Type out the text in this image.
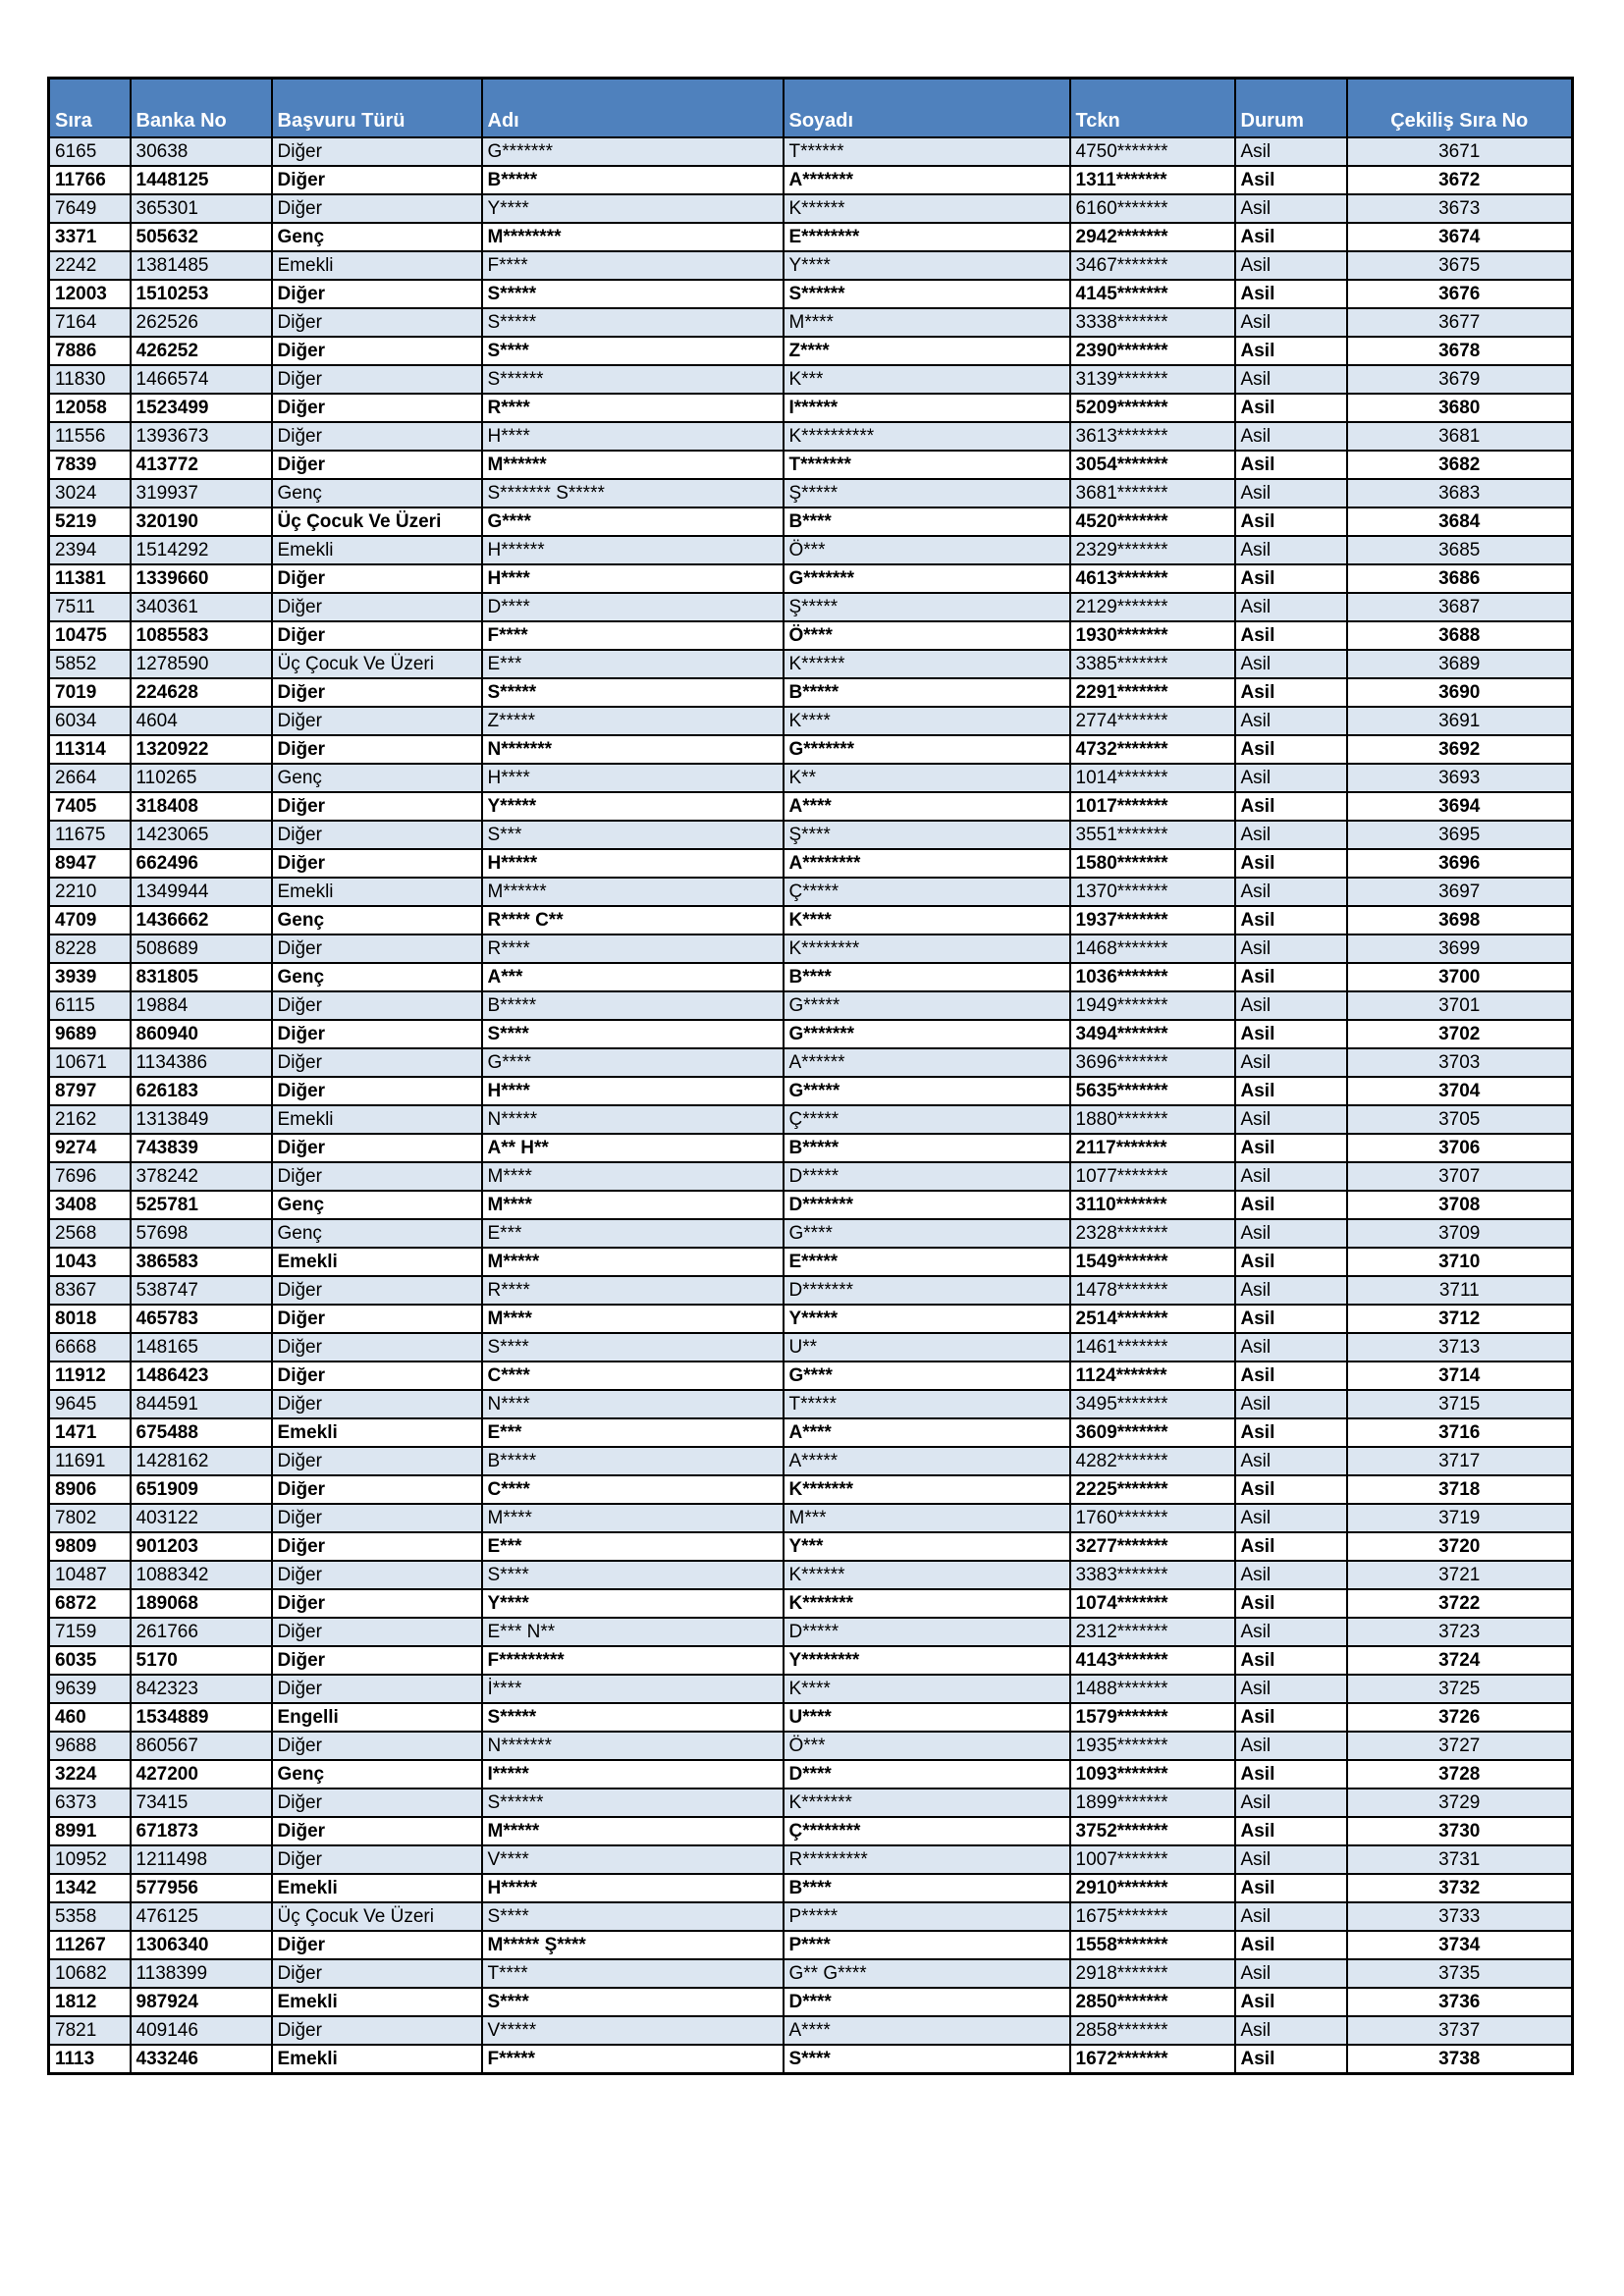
Sıra	Banka No	Başvuru Türü	Adı	Soyadı	Tckn	Durum	Çekiliş Sıra No
6165	30638	Diğer	G*******	T******	4750*******	Asil	3671
11766	1448125	Diğer	B*****	A*******	1311*******	Asil	3672
7649	365301	Diğer	Y****	K******	6160*******	Asil	3673
3371	505632	Genç	M********	E********	2942*******	Asil	3674
2242	1381485	Emekli	F****	Y****	3467*******	Asil	3675
12003	1510253	Diğer	S*****	S******	4145*******	Asil	3676
7164	262526	Diğer	S*****	M****	3338*******	Asil	3677
7886	426252	Diğer	S****	Z****	2390*******	Asil	3678
11830	1466574	Diğer	S******	K***	3139*******	Asil	3679
12058	1523499	Diğer	R****	I******	5209*******	Asil	3680
11556	1393673	Diğer	H****	K**********	3613*******	Asil	3681
7839	413772	Diğer	M******	T*******	3054*******	Asil	3682
3024	319937	Genç	S******* S*****	Ş*****	3681*******	Asil	3683
5219	320190	Üç Çocuk Ve Üzeri	G****	B****	4520*******	Asil	3684
2394	1514292	Emekli	H******	Ö***	2329*******	Asil	3685
11381	1339660	Diğer	H****	G*******	4613*******	Asil	3686
7511	340361	Diğer	D****	Ş*****	2129*******	Asil	3687
10475	1085583	Diğer	F****	Ö****	1930*******	Asil	3688
5852	1278590	Üç Çocuk Ve Üzeri	E***	K******	3385*******	Asil	3689
7019	224628	Diğer	S*****	B*****	2291*******	Asil	3690
6034	4604	Diğer	Z*****	K****	2774*******	Asil	3691
11314	1320922	Diğer	N*******	G*******	4732*******	Asil	3692
2664	110265	Genç	H****	K**	1014*******	Asil	3693
7405	318408	Diğer	Y*****	A****	1017*******	Asil	3694
11675	1423065	Diğer	S***	Ş****	3551*******	Asil	3695
8947	662496	Diğer	H*****	A********	1580*******	Asil	3696
2210	1349944	Emekli	M******	Ç*****	1370*******	Asil	3697
4709	1436662	Genç	R**** C**	K****	1937*******	Asil	3698
8228	508689	Diğer	R****	K********	1468*******	Asil	3699
3939	831805	Genç	A***	B****	1036*******	Asil	3700
6115	19884	Diğer	B*****	G*****	1949*******	Asil	3701
9689	860940	Diğer	S****	G*******	3494*******	Asil	3702
10671	1134386	Diğer	G****	A******	3696*******	Asil	3703
8797	626183	Diğer	H****	G*****	5635*******	Asil	3704
2162	1313849	Emekli	N*****	Ç*****	1880*******	Asil	3705
9274	743839	Diğer	A** H**	B*****	2117*******	Asil	3706
7696	378242	Diğer	M****	D*****	1077*******	Asil	3707
3408	525781	Genç	M****	D*******	3110*******	Asil	3708
2568	57698	Genç	E***	G****	2328*******	Asil	3709
1043	386583	Emekli	M*****	E*****	1549*******	Asil	3710
8367	538747	Diğer	R****	D*******	1478*******	Asil	3711
8018	465783	Diğer	M****	Y*****	2514*******	Asil	3712
6668	148165	Diğer	S****	U**	1461*******	Asil	3713
11912	1486423	Diğer	C****	G****	1124*******	Asil	3714
9645	844591	Diğer	N****	T*****	3495*******	Asil	3715
1471	675488	Emekli	E***	A****	3609*******	Asil	3716
11691	1428162	Diğer	B*****	A*****	4282*******	Asil	3717
8906	651909	Diğer	C****	K*******	2225*******	Asil	3718
7802	403122	Diğer	M****	M***	1760*******	Asil	3719
9809	901203	Diğer	E***	Y***	3277*******	Asil	3720
10487	1088342	Diğer	S****	K******	3383*******	Asil	3721
6872	189068	Diğer	Y****	K*******	1074*******	Asil	3722
7159	261766	Diğer	E*** N**	D*****	2312*******	Asil	3723
6035	5170	Diğer	F*********	Y********	4143*******	Asil	3724
9639	842323	Diğer	İ****	K****	1488*******	Asil	3725
460	1534889	Engelli	S*****	U****	1579*******	Asil	3726
9688	860567	Diğer	N*******	Ö***	1935*******	Asil	3727
3224	427200	Genç	I*****	D****	1093*******	Asil	3728
6373	73415	Diğer	S******	K*******	1899*******	Asil	3729
8991	671873	Diğer	M*****	Ç********	3752*******	Asil	3730
10952	1211498	Diğer	V****	R*********	1007*******	Asil	3731
1342	577956	Emekli	H*****	B****	2910*******	Asil	3732
5358	476125	Üç Çocuk Ve Üzeri	S****	P*****	1675*******	Asil	3733
11267	1306340	Diğer	M***** Ş****	P****	1558*******	Asil	3734
10682	1138399	Diğer	T****	G** G****	2918*******	Asil	3735
1812	987924	Emekli	S****	D****	2850*******	Asil	3736
7821	409146	Diğer	V*****	A****	2858*******	Asil	3737
1113	433246	Emekli	F*****	S****	1672*******	Asil	3738
